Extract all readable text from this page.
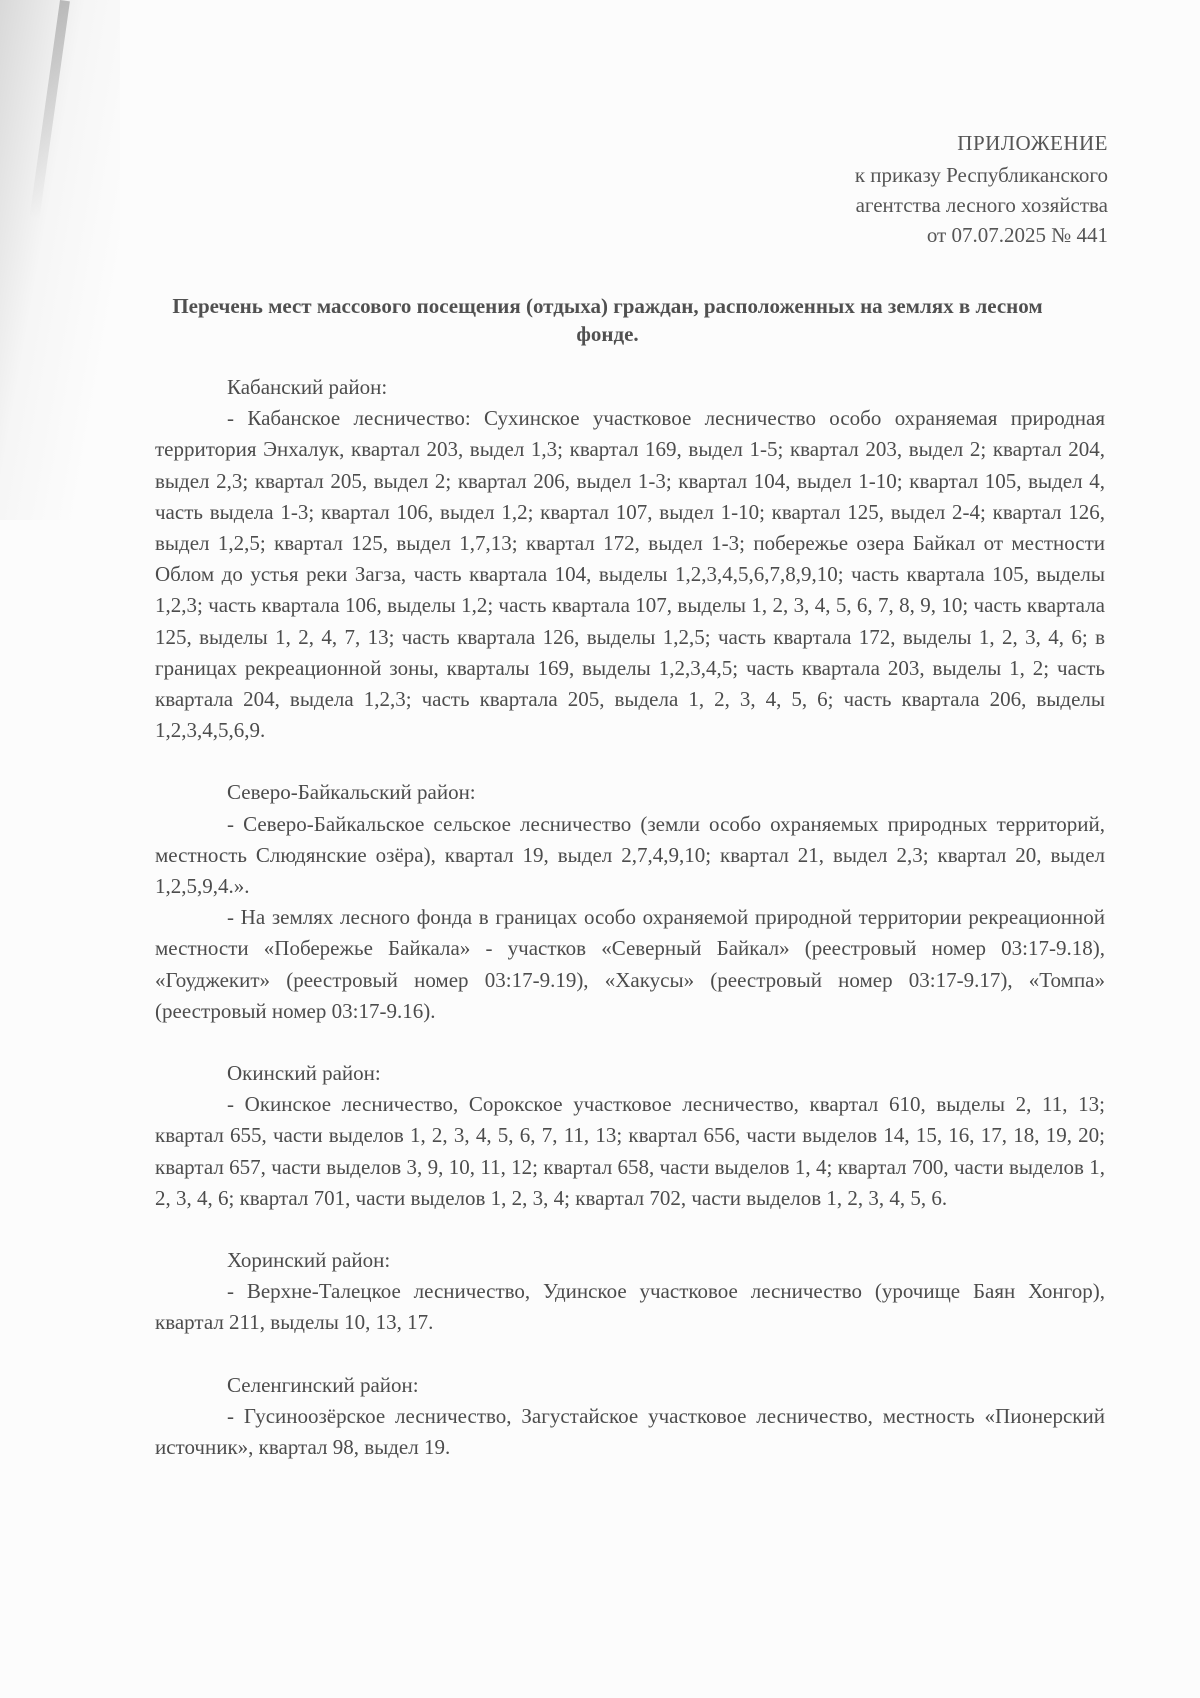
ПРИЛОЖЕНИЕ
к приказу Республиканского
агентства лесного хозяйства
от 07.07.2025 № 441
Перечень мест массового посещения (отдыха) граждан, расположенных на землях в лесном фонде.
Кабанский район:

- Кабанское лесничество: Сухинское участковое лесничество особо охраняемая природная территория Энхалук, квартал 203, выдел 1,3; квартал 169, выдел 1-5; квартал 203, выдел 2; квартал 204, выдел 2,3; квартал 205, выдел 2; квартал 206, выдел 1-3; квартал 104, выдел 1-10; квартал 105, выдел 4, часть выдела 1-3; квартал 106, выдел 1,2; квартал 107, выдел 1-10; квартал 125, выдел 2-4; квартал 126, выдел 1,2,5; квартал 125, выдел 1,7,13; квартал 172, выдел 1-3; побережье озера Байкал от местности Облом до устья реки Загза, часть квартала 104, выделы 1,2,3,4,5,6,7,8,9,10; часть квартала 105, выделы 1,2,3; часть квартала 106, выделы 1,2; часть квартала 107, выделы 1, 2, 3, 4, 5, 6, 7, 8, 9, 10; часть квартала 125, выделы 1, 2, 4, 7, 13; часть квартала 126, выделы 1,2,5; часть квартала 172, выделы 1, 2, 3, 4, 6; в границах рекреационной зоны, кварталы 169, выделы 1,2,3,4,5; часть квартала 203, выделы 1, 2; часть квартала 204, выдела 1,2,3; часть квартала 205, выдела 1, 2, 3, 4, 5, 6; часть квартала 206, выделы 1,2,3,4,5,6,9.

Северо-Байкальский район:

- Северо-Байкальское сельское лесничество (земли особо охраняемых природных территорий, местность Слюдянские озёра), квартал 19, выдел 2,7,4,9,10; квартал 21, выдел 2,3; квартал 20, выдел 1,2,5,9,4.».

- На землях лесного фонда в границах особо охраняемой природной территории рекреационной местности «Побережье Байкала» - участков «Северный Байкал» (реестровый номер 03:17-9.18), «Гоуджекит» (реестровый номер 03:17-9.19), «Хакусы» (реестровый номер 03:17-9.17), «Томпа» (реестровый номер 03:17-9.16).

Окинский район:

- Окинское лесничество, Сорокское участковое лесничество, квартал 610, выделы 2, 11, 13; квартал 655, части выделов 1, 2, 3, 4, 5, 6, 7, 11, 13; квартал 656, части выделов 14, 15, 16, 17, 18, 19, 20; квартал 657, части выделов 3, 9, 10, 11, 12; квартал 658, части выделов 1, 4; квартал 700, части выделов 1, 2, 3, 4, 6; квартал 701, части выделов 1, 2, 3, 4; квартал 702, части выделов 1, 2, 3, 4, 5, 6.

Хоринский район:

- Верхне-Талецкое лесничество, Удинское участковое лесничество (урочище Баян Хонгор), квартал 211, выделы 10, 13, 17.

Селенгинский район:

- Гусиноозёрское лесничество, Загустайское участковое лесничество, местность «Пионерский источник», квартал 98, выдел 19.
